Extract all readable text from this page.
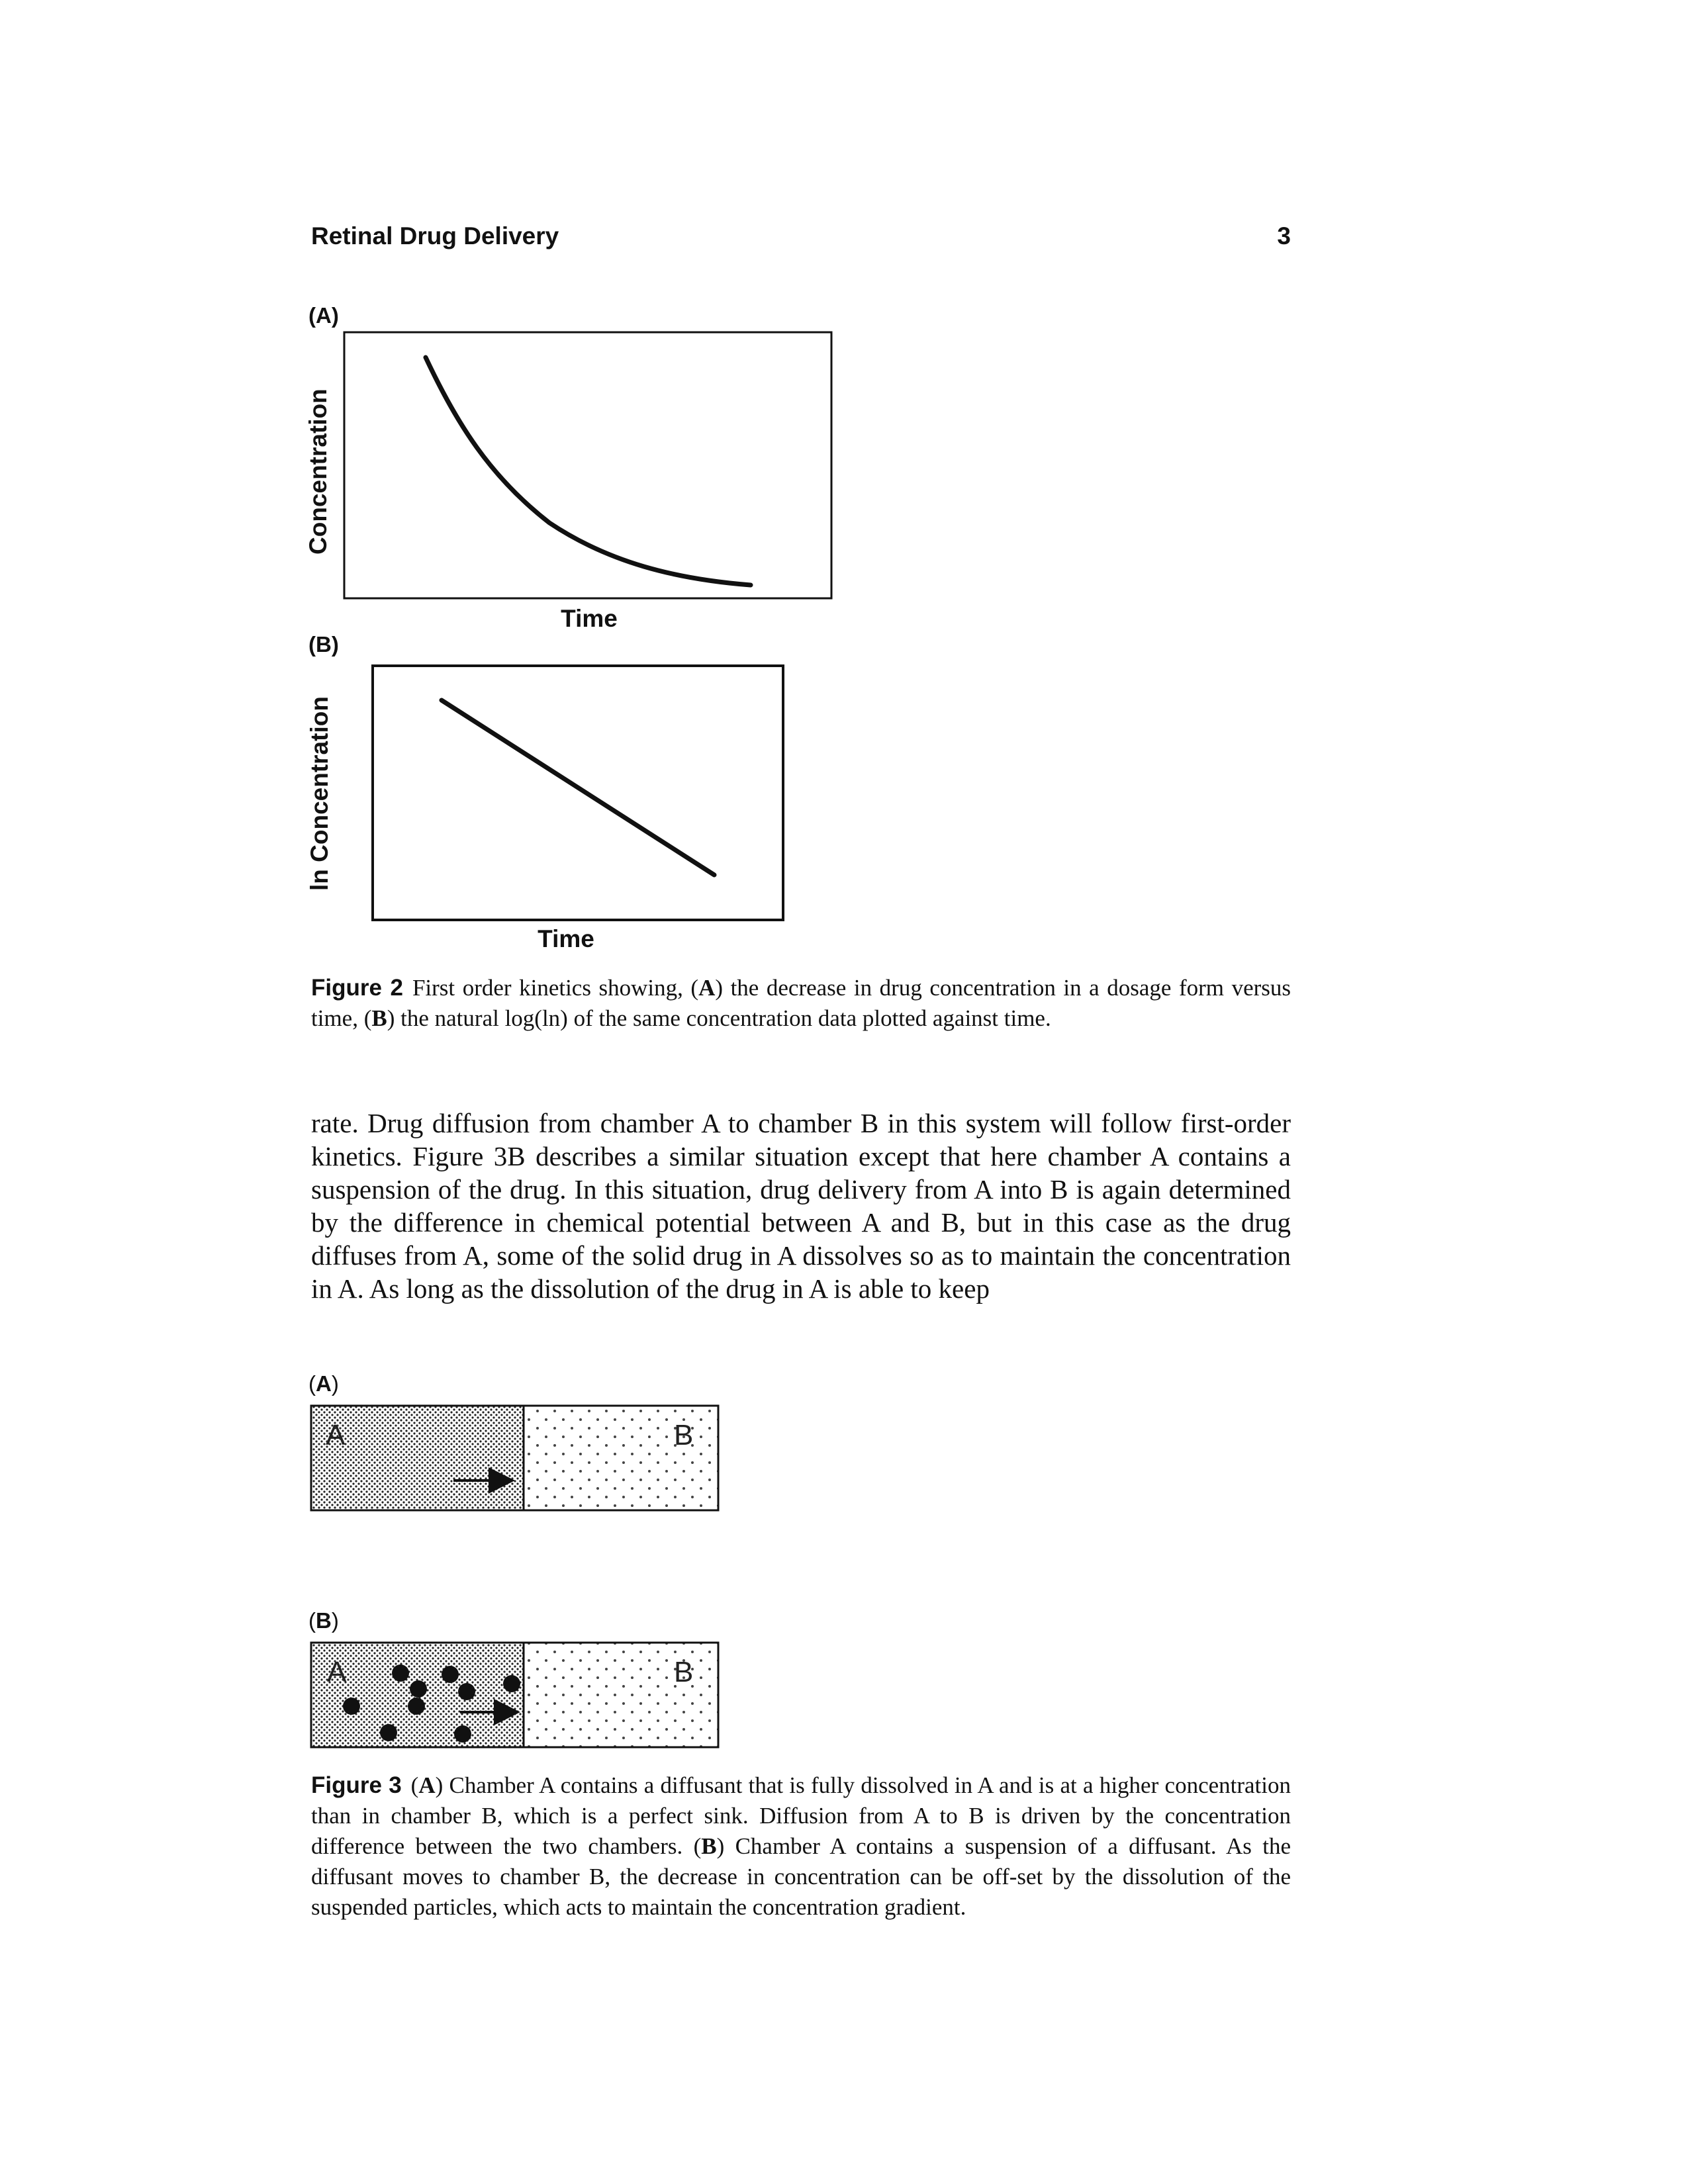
Retinal Drug Delivery	3
(A)
Concentration
Time
(B)
ln Concentration
Time
Figure 2 First order kinetics showing, (A) the decrease in drug concentration in a dosage form versus time, (B) the natural log(ln) of the same concentration data plotted against time.

rate. Drug diffusion from chamber A to chamber B in this system will follow first-order kinetics. Figure 3B describes a similar situation except that here chamber A contains a suspension of the drug. In this situation, drug delivery from A into B is again determined by the difference in chemical potential between A and B, but in this case as the drug diffuses from A, some of the solid drug in A dissolves so as to maintain the concentration in A. As long as the dissolution of the drug in A is able to keep

(A)
(B)
A	B
A	B
Figure 3 (A) Chamber A contains a diffusant that is fully dissolved in A and is at a higher concentration than in chamber B, which is a perfect sink. Diffusion from A to B is driven by the concentration difference between the two chambers. (B) Chamber A contains a suspension of a diffusant. As the diffusant moves to chamber B, the decrease in concentration can be off-set by the dissolution of the suspended particles, which acts to maintain the concentration gradient.
